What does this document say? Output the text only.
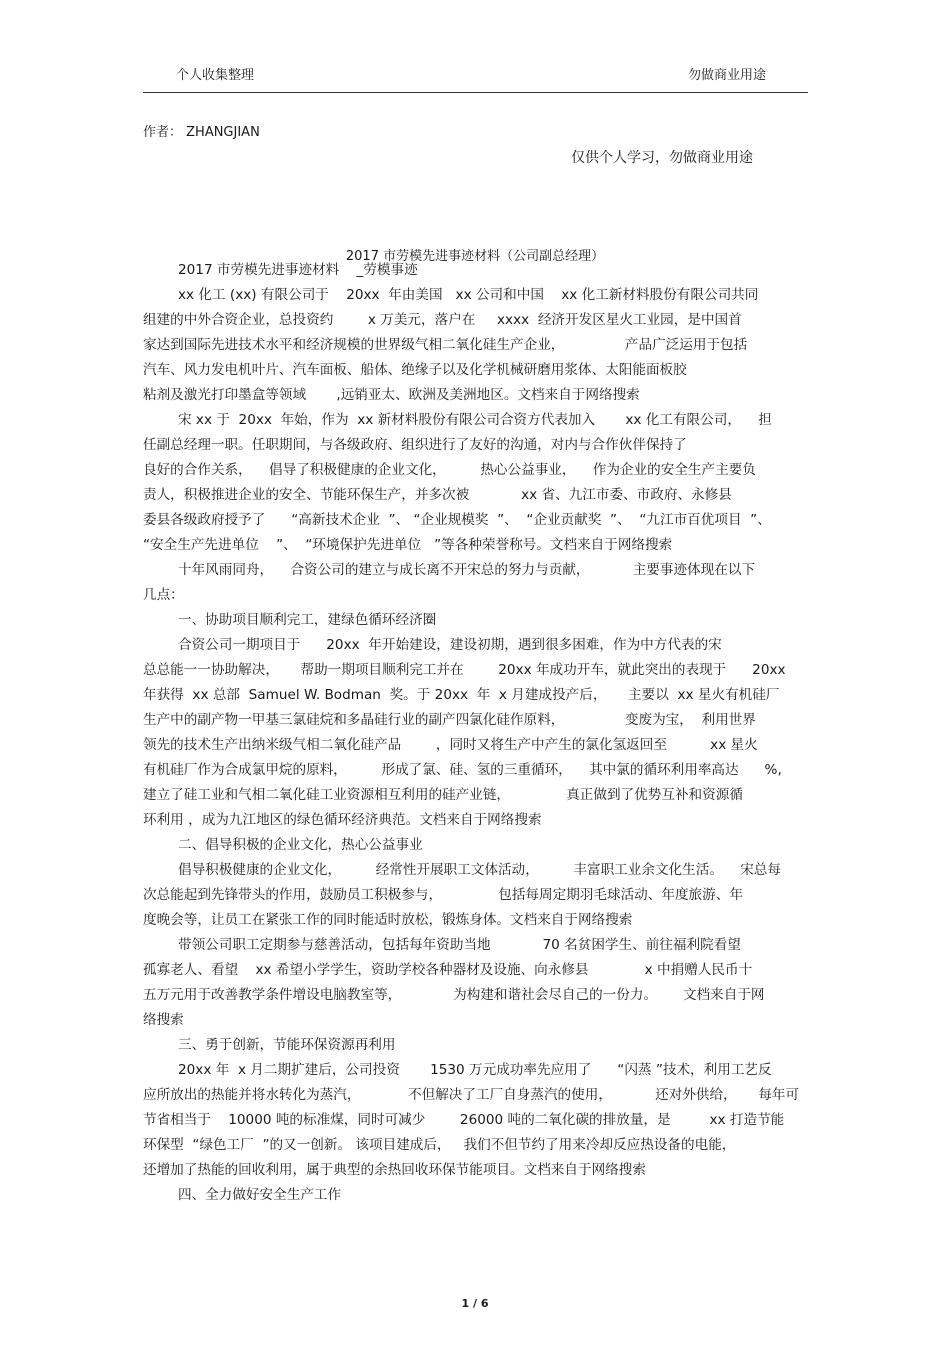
个人收集整理	勿做商业用途
作者： ZHANGJIAN
仅供个人学习，勿做商业用途
2017 市劳模先进事迹材料（公司副总经理）
2017 市劳模先进事迹材料    _劳模事迹
xx 化工 (xx) 有限公司于    20xx  年由美国   xx 公司和中国    xx 化工新材料股份有限公司共同
组建的中外合资企业，总投资约        x 万美元，落户在     xxxx  经济开发区星火工业园，是中国首
家达到国际先进技术水平和经济规模的世界级气相二氧化硅生产企业，              产品广泛运用于包括
汽车、风力发电机叶片、汽车面板、船体、绝缘子以及化学机械研磨用浆体、太阳能面板胶
粘剂及激光打印墨盒等领域       ,远销亚太、欧洲及美洲地区。文档来自于网络搜索
宋 xx 于  20xx  年始，作为  xx 新材料股份有限公司合资方代表加入       xx 化工有限公司，    担
任副总经理一职。任职期间，与各级政府、组织进行了友好的沟通，对内与合作伙伴保持了
良好的合作关系，    倡导了积极健康的企业文化，        热心公益事业，    作为企业的安全生产主要负
责人，积极推进企业的安全、节能环保生产，并多次被            xx 省、九江市委、市政府、永修县
委县各级政府授予了      “高新技术企业  ”、 “企业规模奖  ”、  “企业贡献奖  ”、  “九江市百优项目  ”、
“安全生产先进单位    ”、  “环境保护先进单位   ”等各种荣誉称号。文档来自于网络搜索
十年风雨同舟，    合资公司的建立与成长离不开宋总的努力与贡献，          主要事迹体现在以下
几点：
一、协助项目顺利完工，建绿色循环经济圈
合资公司一期项目于      20xx  年开始建设，建设初期，遇到很多困难，作为中方代表的宋
总总能一一协助解决，     帮助一期项目顺利完工并在        20xx 年成功开车，就此突出的表现于      20xx
年获得  xx 总部  Samuel W. Bodman  奖。于 20xx  年  x 月建成投产后，     主要以  xx 星火有机硅厂
生产中的副产物一甲基三氯硅烷和多晶硅行业的副产四氯化硅作原料，              变废为宝，  利用世界
领先的技术生产出纳米级气相二氧化硅产品        ，同时又将生产中产生的氯化氢返回至          xx 星火
有机硅厂作为合成氯甲烷的原料，        形成了氯、硅、氢的三重循环，    其中氯的循环利用率高达      %,
建立了硅工业和气相二氧化硅工业资源相互利用的硅产业链，             真正做到了优势互补和资源循
环利用 ，成为九江地区的绿色循环经济典范。文档来自于网络搜索
二、倡导积极的企业文化，热心公益事业
倡导积极健康的企业文化，        经常性开展职工文体活动，        丰富职工业余文化生活。    宋总每
次总能起到先锋带头的作用，鼓励员工积极参与，             包括每周定期羽毛球活动、年度旅游、年
度晚会等，让员工在紧张工作的同时能适时放松，锻炼身体。文档来自于网络搜索
带领公司职工定期参与慈善活动，包括每年资助当地            70 名贫困学生、前往福利院看望
孤寡老人、看望    xx 希望小学学生，资助学校各种器材及设施、向永修县             x 中捐赠人民币十
五万元用于改善教学条件增设电脑教室等，            为构建和谐社会尽自己的一份力。      文档来自于网
络搜索
三、勇于创新，节能环保资源再利用
20xx 年  x 月二期扩建后，公司投资       1530 万元成功率先应用了      “闪蒸 ”技术，利用工艺反
应所放出的热能并将水转化为蒸汽，           不但解决了工厂自身蒸汽的使用，          还对外供给，     每年可
节省相当于    10000 吨的标准煤，同时可减少        26000 吨的二氧化碳的排放量，是         xx 打造节能
环保型  “绿色工厂  ”的又一创新。 该项目建成后，   我们不但节约了用来冷却反应热设备的电能，
还增加了热能的回收利用，属于典型的余热回收环保节能项目。文档来自于网络搜索
四、全力做好安全生产工作
1 / 6
